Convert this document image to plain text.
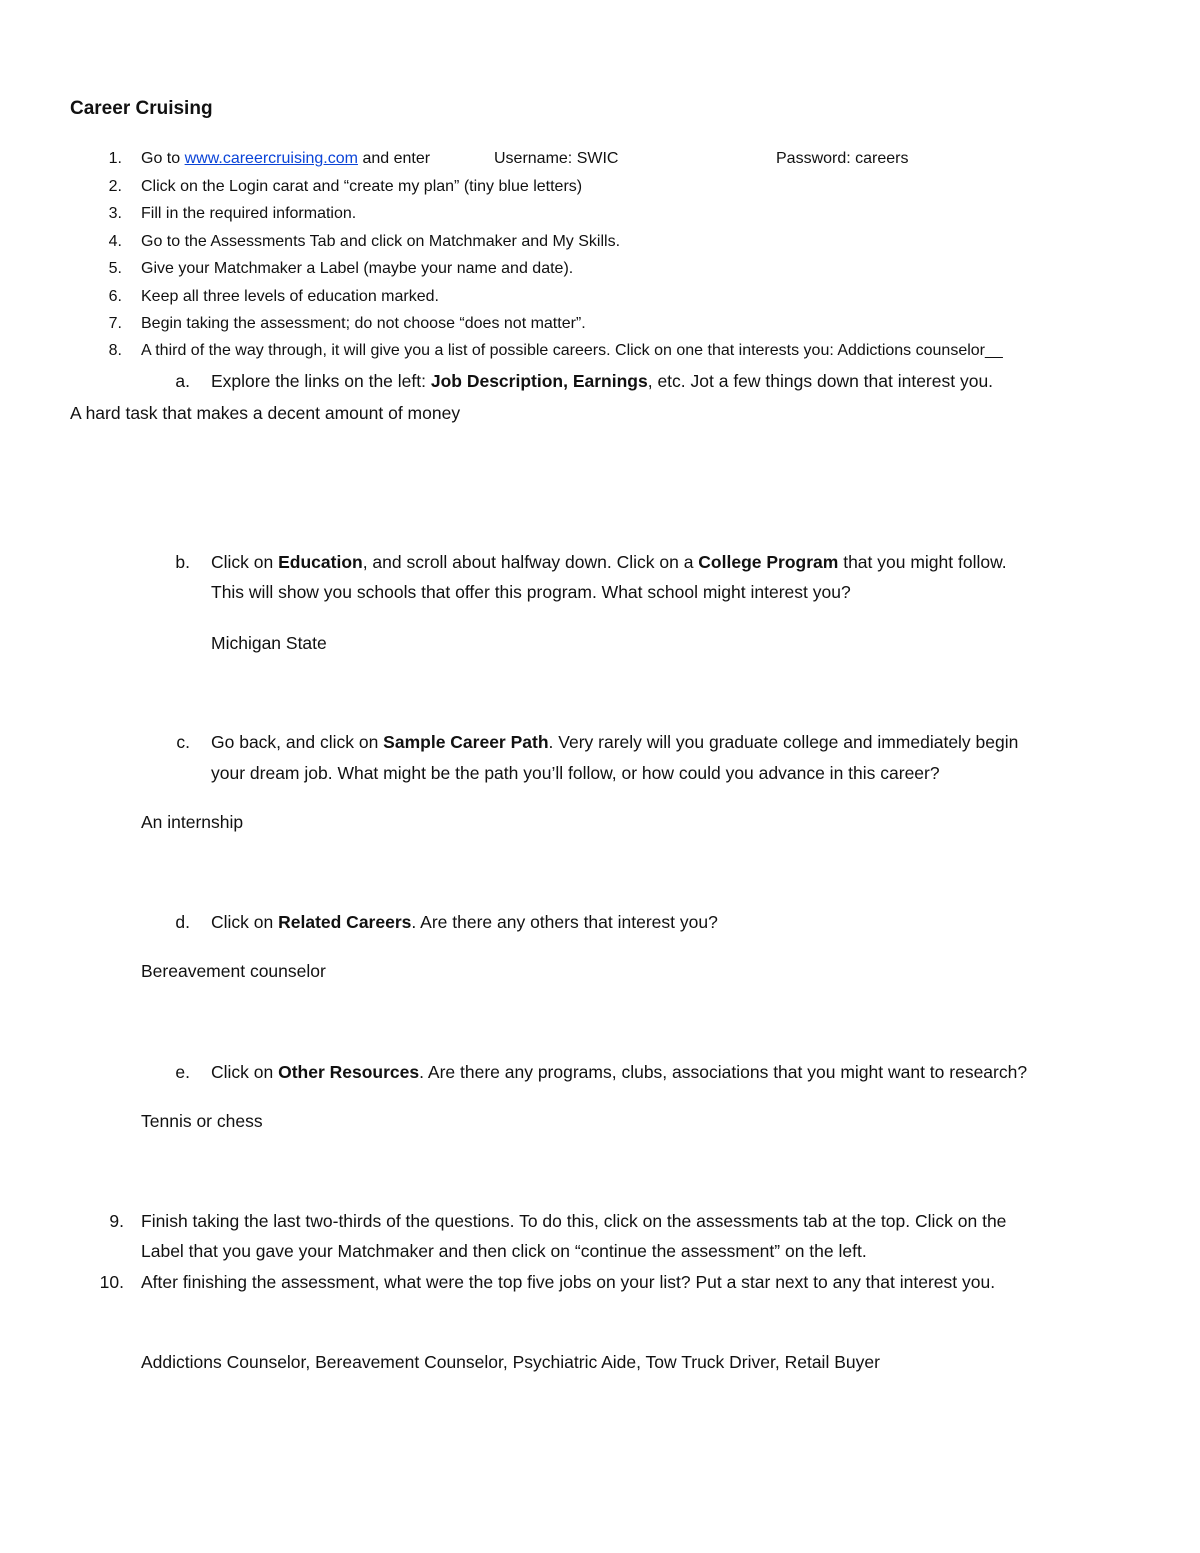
Career Cruising
1. Go to www.careercruising.com and enter	Username: SWIC	Password: careers
2. Click on the Login carat and “create my plan” (tiny blue letters)
3. Fill in the required information.
4. Go to the Assessments Tab and click on Matchmaker and My Skills.
5. Give your Matchmaker a Label (maybe your name and date).
6. Keep all three levels of education marked.
7. Begin taking the assessment; do not choose “does not matter”.
8. A third of the way through, it will give you a list of possible careers. Click on one that interests you: Addictions counselor__
a. Explore the links on the left: Job Description, Earnings, etc. Jot a few things down that interest you.
A hard task that makes a decent amount of money
b. Click on Education, and scroll about halfway down. Click on a College Program that you might follow.
This will show you schools that offer this program. What school might interest you?
Michigan State
c. Go back, and click on Sample Career Path. Very rarely will you graduate college and immediately begin
your dream job. What might be the path you’ll follow, or how could you advance in this career?
An internship
d. Click on Related Careers. Are there any others that interest you?
Bereavement counselor
e. Click on Other Resources. Are there any programs, clubs, associations that you might want to research?
Tennis or chess
9. Finish taking the last two-thirds of the questions. To do this, click on the assessments tab at the top. Click on the
Label that you gave your Matchmaker and then click on “continue the assessment” on the left.
10. After finishing the assessment, what were the top five jobs on your list? Put a star next to any that interest you.
Addictions Counselor, Bereavement Counselor, Psychiatric Aide, Tow Truck Driver, Retail Buyer
